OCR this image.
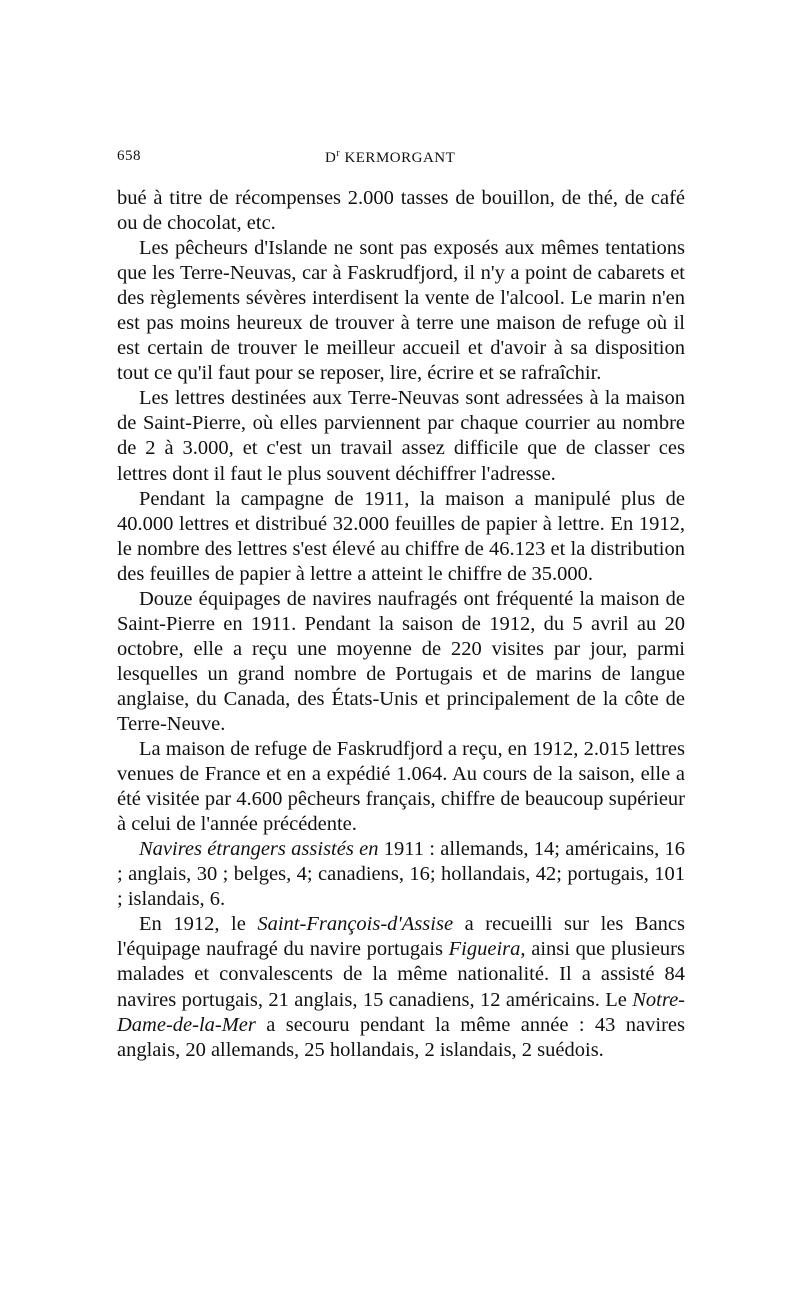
658	$D^r$ KERMORGANT

bué à titre de récompenses 2.000 tasses de bouillon, de thé, de café ou de chocolat, etc.

Les pêcheurs d'Islande ne sont pas exposés aux mêmes tentations que les Terre-Neuvas, car à Faskrudfjord, il n'y a point de cabarets et des règlements sévères interdisent la vente de l'alcool. Le marin n'en est pas moins heureux de trouver à terre une maison de refuge où il est certain de trouver le meilleur accueil et d'avoir à sa disposition tout ce qu'il faut pour se reposer, lire, écrire et se rafraîchir.

Les lettres destinées aux Terre-Neuvas sont adressées à la maison de Saint-Pierre, où elles parviennent par chaque courrier au nombre de 2 à 3.000, et c'est un travail assez difficile que de classer ces lettres dont il faut le plus souvent déchiffrer l'adresse.

Pendant la campagne de 1911, la maison a manipulé plus de 40.000 lettres et distribué 32.000 feuilles de papier à lettre. En 1912, le nombre des lettres s'est élevé au chiffre de 46.123 et la distribution des feuilles de papier à lettre a atteint le chiffre de 35.000.

Douze équipages de navires naufragés ont fréquenté la maison de Saint-Pierre en 1911. Pendant la saison de 1912, du 5 avril au 20 octobre, elle a reçu une moyenne de 220 visites par jour, parmi lesquelles un grand nombre de Portugais et de marins de langue anglaise, du Canada, des États-Unis et principalement de la côte de Terre-Neuve.

La maison de refuge de Faskrudfjord a reçu, en 1912, 2.015 lettres venues de France et en a expédié 1.064. Au cours de la saison, elle a été visitée par 4.600 pêcheurs français, chiffre de beaucoup supérieur à celui de l'année précédente.

Navires étrangers assistés en 1911 : allemands, 14; américains, 16 ; anglais, 30 ; belges, 4; canadiens, 16; hollandais, 42; portugais, 101 ; islandais, 6.

En 1912, le Saint-François-d'Assise a recueilli sur les Bancs l'équipage naufragé du navire portugais Figueira, ainsi que plusieurs malades et convalescents de la même nationalité. Il a assisté 84 navires portugais, 21 anglais, 15 canadiens, 12 américains. Le Notre-Dame-de-la-Mer a secouru pendant la même année : 43 navires anglais, 20 allemands, 25 hollandais, 2 islandais, 2 suédois.
